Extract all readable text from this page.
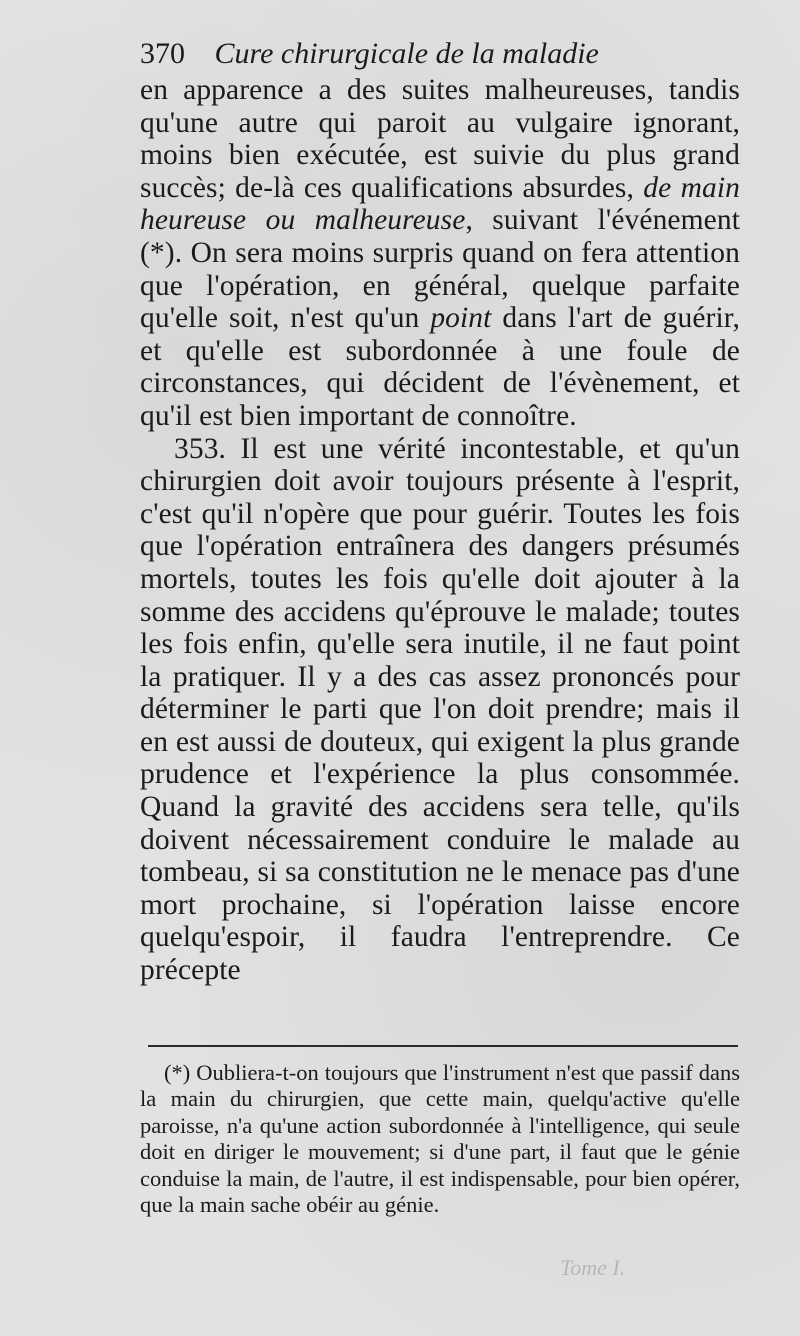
370 Cure chirurgicale de la maladie

en apparence a des suites malheureuses, tandis qu'une autre qui paroit au vulgaire ignorant, moins bien exécutée, est suivie du plus grand succès; de-là ces qualifications absurdes, de main heureuse ou malheureuse, suivant l'événement (*). On sera moins surpris quand on fera attention que l'opération, en général, quelque parfaite qu'elle soit, n'est qu'un point dans l'art de guérir, et qu'elle est subordonnée à une foule de circonstances, qui décident de l'évènement, et qu'il est bien important de connoître.

353. Il est une vérité incontestable, et qu'un chirurgien doit avoir toujours présente à l'esprit, c'est qu'il n'opère que pour guérir. Toutes les fois que l'opération entraînera des dangers présumés mortels, toutes les fois qu'elle doit ajouter à la somme des accidens qu'éprouve le malade; toutes les fois enfin, qu'elle sera inutile, il ne faut point la pratiquer. Il y a des cas assez prononcés pour déterminer le parti que l'on doit prendre; mais il en est aussi de douteux, qui exigent la plus grande prudence et l'expérience la plus consommée. Quand la gravité des accidens sera telle, qu'ils doivent nécessairement conduire le malade au tombeau, si sa constitution ne le menace pas d'une mort prochaine, si l'opération laisse encore quelqu'espoir, il faudra l'entreprendre. Ce précepte

(*) Oubliera-t-on toujours que l'instrument n'est que passif dans la main du chirurgien, que cette main, quelqu'active qu'elle paroisse, n'a qu'une action subordonnée à l'intelligence, qui seule doit en diriger le mouvement; si d'une part, il faut que le génie conduise la main, de l'autre, il est indispensable, pour bien opérer, que la main sache obéir au génie.

Tome I.
